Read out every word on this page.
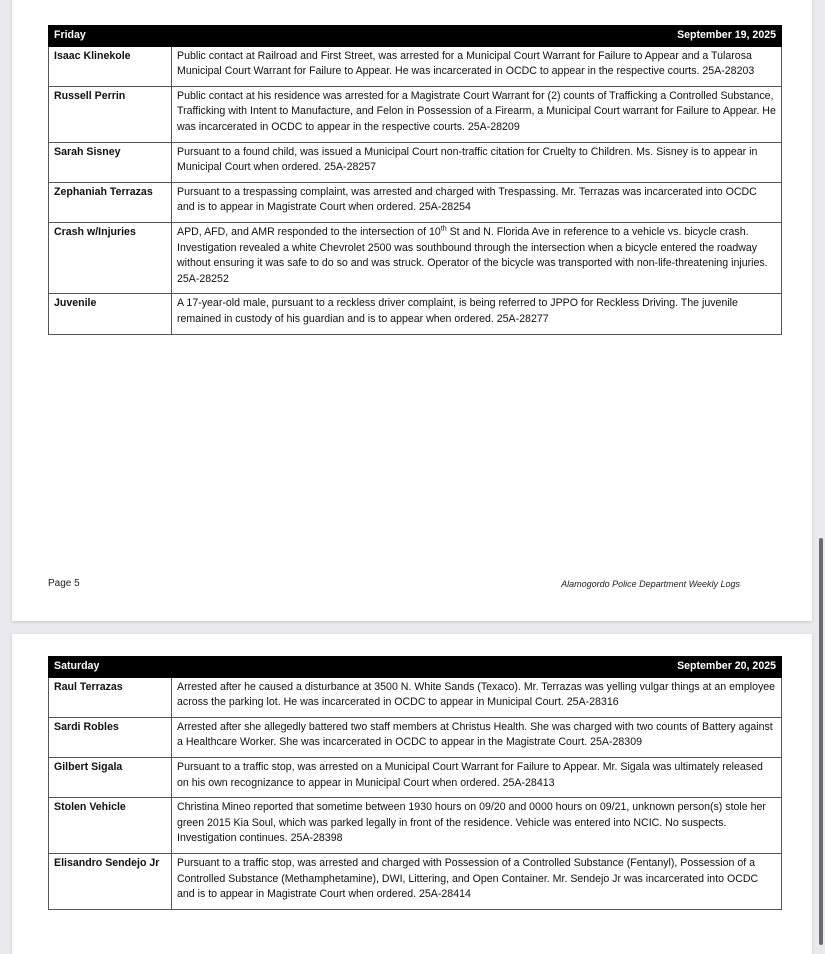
Friday	September 19, 2025
Isaac Klinekole	Public contact at Railroad and First Street, was arrested for a Municipal Court Warrant for Failure to Appear and a Tularosa Municipal Court Warrant for Failure to Appear. He was incarcerated in OCDC to appear in the respective courts. 25A-28203
Russell Perrin	Public contact at his residence was arrested for a Magistrate Court Warrant for (2) counts of Trafficking a Controlled Substance, Trafficking with Intent to Manufacture, and Felon in Possession of a Firearm, a Municipal Court warrant for Failure to Appear. He was incarcerated in OCDC to appear in the respective courts. 25A-28209
Sarah Sisney	Pursuant to a found child, was issued a Municipal Court non-traffic citation for Cruelty to Children. Ms. Sisney is to appear in Municipal Court when ordered. 25A-28257
Zephaniah Terrazas	Pursuant to a trespassing complaint, was arrested and charged with Trespassing. Mr. Terrazas was incarcerated into OCDC and is to appear in Magistrate Court when ordered. 25A-28254
Crash w/Injuries	APD, AFD, and AMR responded to the intersection of 10th St and N. Florida Ave in reference to a vehicle vs. bicycle crash. Investigation revealed a white Chevrolet 2500 was southbound through the intersection when a bicycle entered the roadway without ensuring it was safe to do so and was struck. Operator of the bicycle was transported with non-life-threatening injuries. 25A-28252
Juvenile	A 17-year-old male, pursuant to a reckless driver complaint, is being referred to JPPO for Reckless Driving. The juvenile remained in custody of his guardian and is to appear when ordered. 25A-28277
Page 5	Alamogordo Police Department Weekly Logs
Saturday	September 20, 2025
Raul Terrazas	Arrested after he caused a disturbance at 3500 N. White Sands (Texaco). Mr. Terrazas was yelling vulgar things at an employee across the parking lot. He was incarcerated in OCDC to appear in Municipal Court. 25A-28316
Sardi Robles	Arrested after she allegedly battered two staff members at Christus Health. She was charged with two counts of Battery against a Healthcare Worker. She was incarcerated in OCDC to appear in the Magistrate Court. 25A-28309
Gilbert Sigala	Pursuant to a traffic stop, was arrested on a Municipal Court Warrant for Failure to Appear. Mr. Sigala was ultimately released on his own recognizance to appear in Municipal Court when ordered. 25A-28413
Stolen Vehicle	Christina Mineo reported that sometime between 1930 hours on 09/20 and 0000 hours on 09/21, unknown person(s) stole her green 2015 Kia Soul, which was parked legally in front of the residence. Vehicle was entered into NCIC. No suspects. Investigation continues. 25A-28398
Elisandro Sendejo Jr	Pursuant to a traffic stop, was arrested and charged with Possession of a Controlled Substance (Fentanyl), Possession of a Controlled Substance (Methamphetamine), DWI, Littering, and Open Container. Mr. Sendejo Jr was incarcerated into OCDC and is to appear in Magistrate Court when ordered. 25A-28414
